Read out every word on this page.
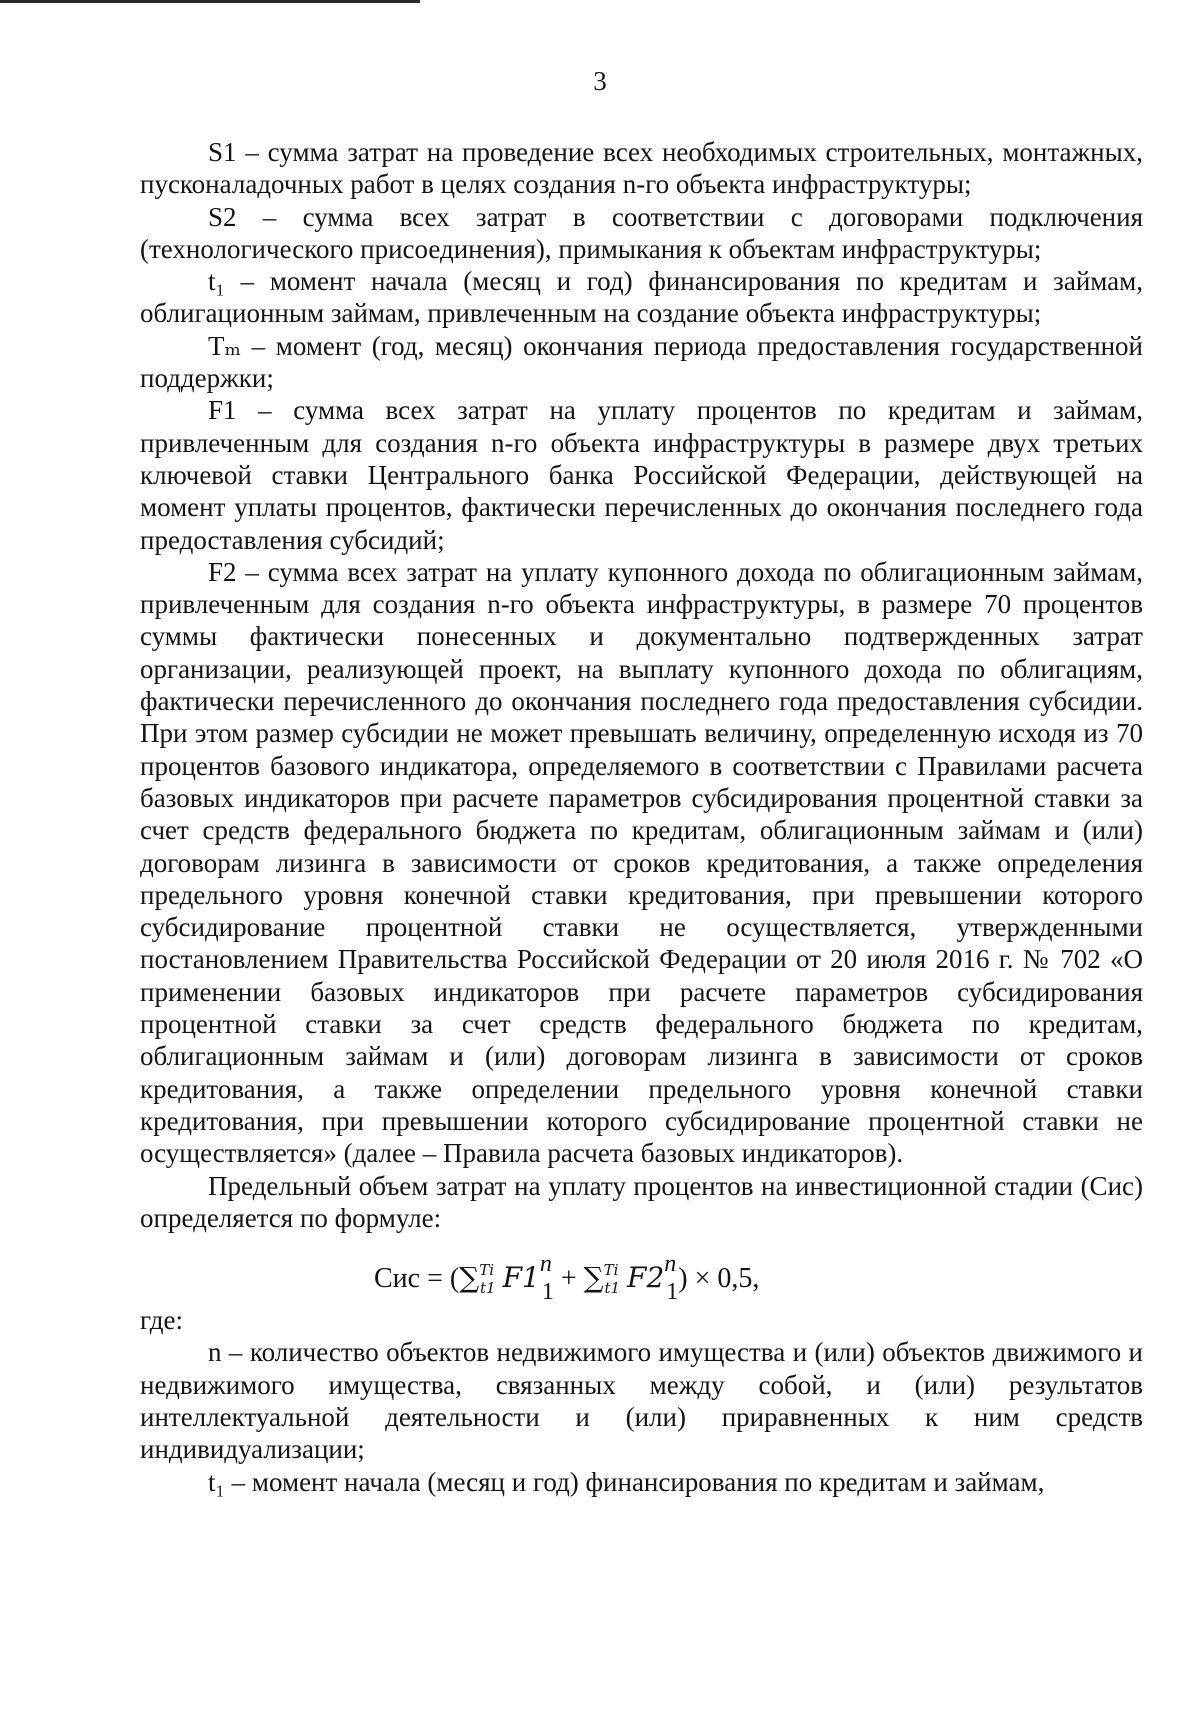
3

S1 – сумма затрат на проведение всех необходимых строительных, монтажных, пусконаладочных работ в целях создания n-го объекта инфраструктуры;

S2 – сумма всех затрат в соответствии с договорами подключения (технологического присоединения), примыкания к объектам инфраструктуры;

t₁ – момент начала (месяц и год) финансирования по кредитам и займам, облигационным займам, привлеченным на создание объекта инфраструктуры;

Tₘ – момент (год, месяц) окончания периода предоставления государственной поддержки;

F1 – сумма всех затрат на уплату процентов по кредитам и займам, привлеченным для создания n-го объекта инфраструктуры в размере двух третьих ключевой ставки Центрального банка Российской Федерации, действующей на момент уплаты процентов, фактически перечисленных до окончания последнего года предоставления субсидий;

F2 – сумма всех затрат на уплату купонного дохода по облигационным займам, привлеченным для создания n-го объекта инфраструктуры, в размере 70 процентов суммы фактически понесенных и документально подтвержденных затрат организации, реализующей проект, на выплату купонного дохода по облигациям, фактически перечисленного до окончания последнего года предоставления субсидии. При этом размер субсидии не может превышать величину, определенную исходя из 70 процентов базового индикатора, определяемого в соответствии с Правилами расчета базовых индикаторов при расчете параметров субсидирования процентной ставки за счет средств федерального бюджета по кредитам, облигационным займам и (или) договорам лизинга в зависимости от сроков кредитования, а также определения предельного уровня конечной ставки кредитования, при превышении которого субсидирование процентной ставки не осуществляется, утвержденными постановлением Правительства Российской Федерации от 20 июля 2016 г. № 702 «О применении базовых индикаторов при расчете параметров субсидирования процентной ставки за счет средств федерального бюджета по кредитам, облигационным займам и (или) договорам лизинга в зависимости от сроков кредитования, а также определении предельного уровня конечной ставки кредитования, при превышении которого субсидирование процентной ставки не осуществляется» (далее – Правила расчета базовых индикаторов).

Предельный объем затрат на уплату процентов на инвестиционной стадии (Сис) определяется по формуле:

Сис = (∑$^{Ti}_{t1}$ F1n1 + ∑$^{Ti}_{t1}$ F2n1) × 0,5,

где:

n – количество объектов недвижимого имущества и (или) объектов движимого и недвижимого имущества, связанных между собой, и (или) результатов интеллектуальной деятельности и (или) приравненных к ним средств индивидуализации;

t₁ – момент начала (месяц и год) финансирования по кредитам и займам,
